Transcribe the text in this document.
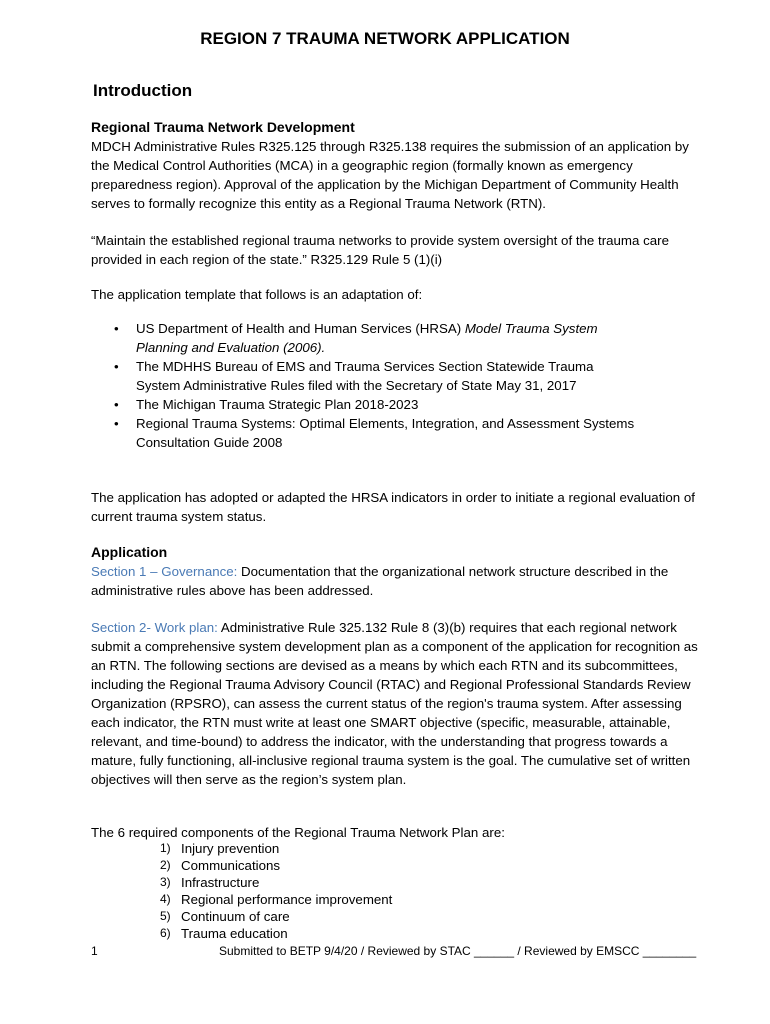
REGION 7 TRAUMA NETWORK APPLICATION
Introduction
Regional Trauma Network Development

MDCH Administrative Rules R325.125 through R325.138 requires the submission of an application by the Medical Control Authorities (MCA) in a geographic region (formally known as emergency preparedness region). Approval of the application by the Michigan Department of Community Health serves to formally recognize this entity as a Regional Trauma Network (RTN).

“Maintain the established regional trauma networks to provide system oversight of the trauma care provided in each region of the state.” R325.129 Rule 5 (1)(i)

The application template that follows is an adaptation of:

• US Department of Health and Human Services (HRSA) Model Trauma System Planning and Evaluation (2006).
• The MDHHS Bureau of EMS and Trauma Services Section Statewide Trauma System Administrative Rules filed with the Secretary of State May 31, 2017
• The Michigan Trauma Strategic Plan 2018-2023
• Regional Trauma Systems: Optimal Elements, Integration, and Assessment Systems Consultation Guide 2008

The application has adopted or adapted the HRSA indicators in order to initiate a regional evaluation of current trauma system status.

Application

Section 1 – Governance: Documentation that the organizational network structure described in the administrative rules above has been addressed.

Section 2- Work plan: Administrative Rule 325.132 Rule 8 (3)(b) requires that each regional network submit a comprehensive system development plan as a component of the application for recognition as an RTN. The following sections are devised as a means by which each RTN and its subcommittees, including the Regional Trauma Advisory Council (RTAC) and Regional Professional Standards Review Organization (RPSRO), can assess the current status of the region's trauma system. After assessing each indicator, the RTN must write at least one SMART objective (specific, measurable, attainable, relevant, and time-bound) to address the indicator, with the understanding that progress towards a mature, fully functioning, all-inclusive regional trauma system is the goal. The cumulative set of written objectives will then serve as the region’s system plan.

The 6 required components of the Regional Trauma Network Plan are:

1) Injury prevention
2) Communications
3) Infrastructure
4) Regional performance improvement
5) Continuum of care
6) Trauma education
1	Submitted to BETP 9/4/20 / Reviewed by STAC ______ / Reviewed by EMSCC ________
